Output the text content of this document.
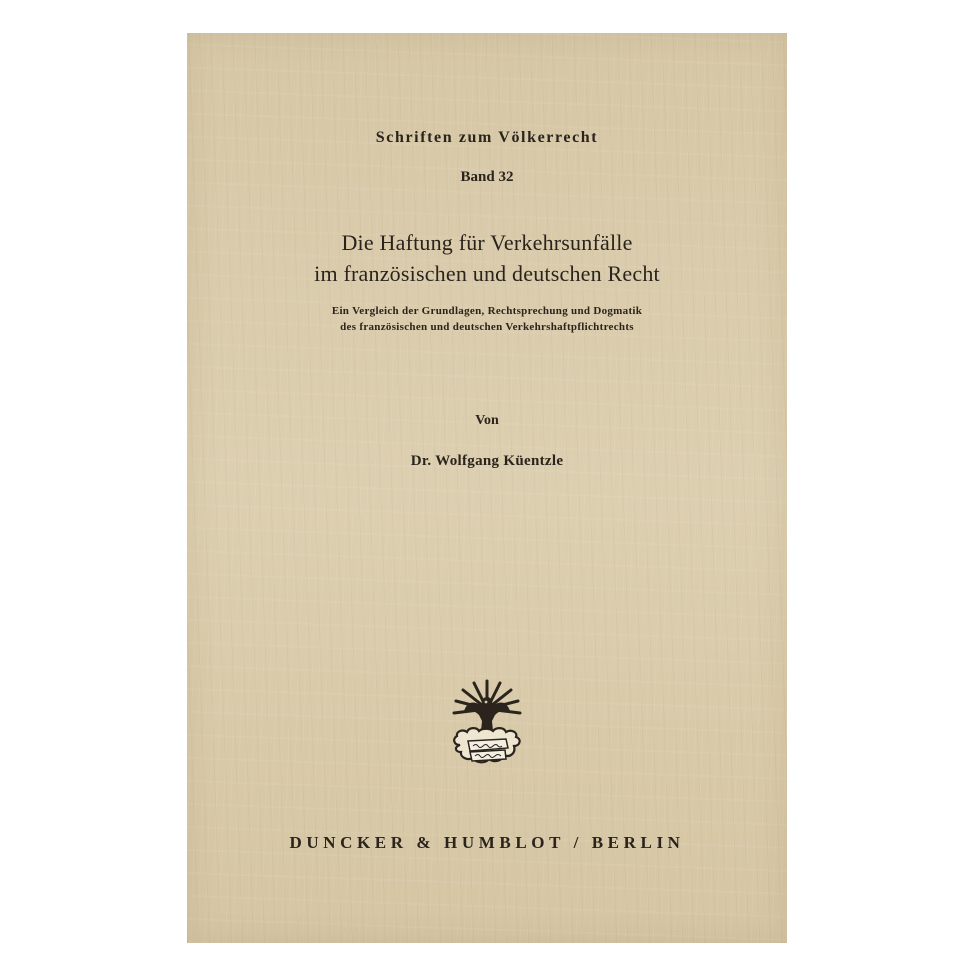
Schriften zum Völkerrecht
Band 32
Die Haftung für Verkehrsunfälle
im französischen und deutschen Recht
Ein Vergleich der Grundlagen, Rechtsprechung und Dogmatik
des französischen und deutschen Verkehrshaftpflichtrechts
Von
Dr. Wolfgang Küentzle
DUNCKER & HUMBLOT / BERLIN
